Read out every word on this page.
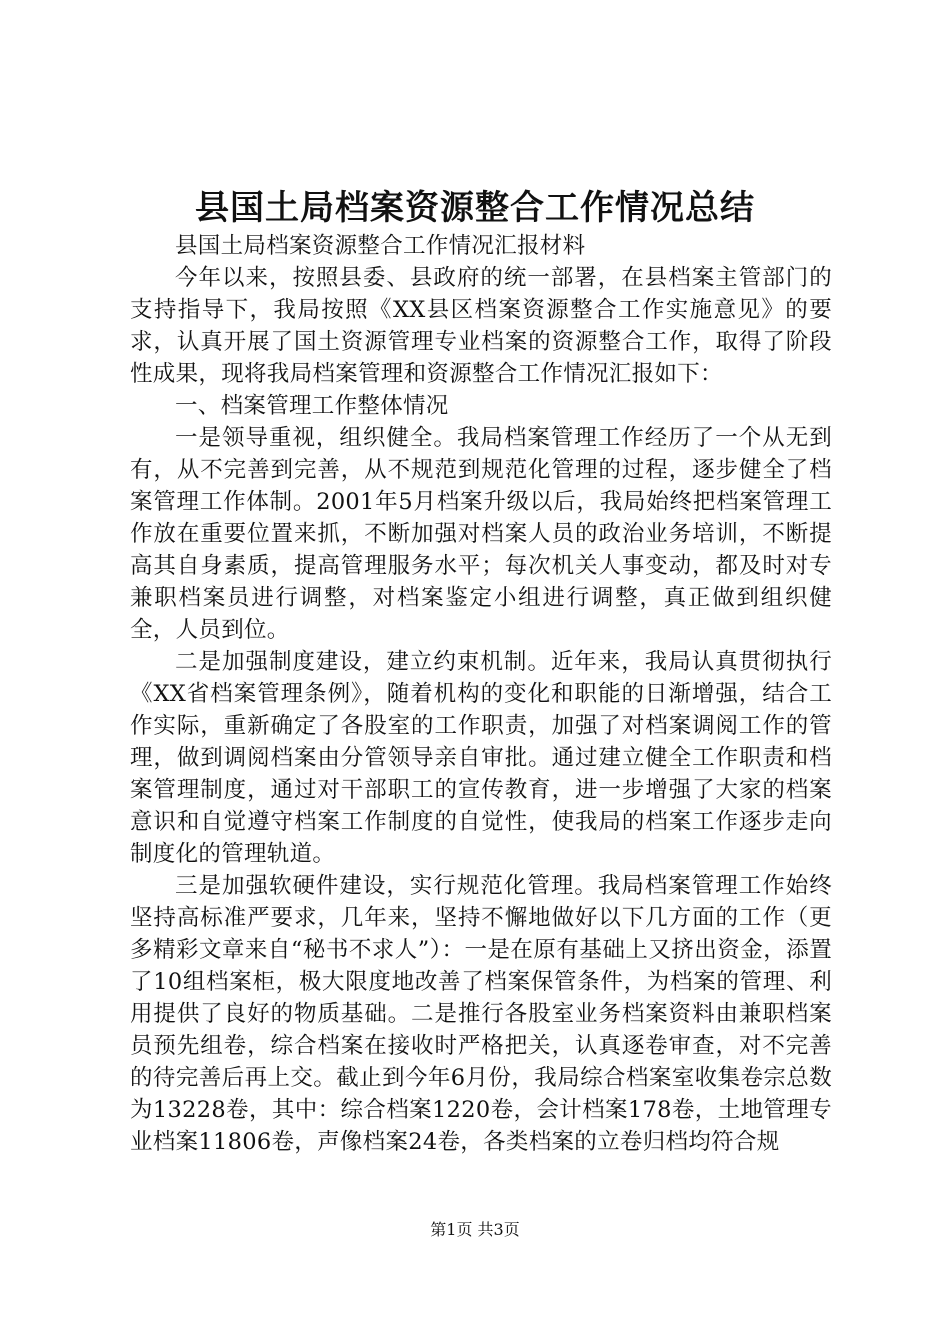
县国土局档案资源整合工作情况总结

县国土局档案资源整合工作情况汇报材料

今年以来，按照县委、县政府的统一部署，在县档案主管部门的支持指导下，我局按照《XX县区档案资源整合工作实施意见》的要求，认真开展了国土资源管理专业档案的资源整合工作，取得了阶段性成果，现将我局档案管理和资源整合工作情况汇报如下：

一、档案管理工作整体情况

一是领导重视，组织健全。我局档案管理工作经历了一个从无到有，从不完善到完善，从不规范到规范化管理的过程，逐步健全了档案管理工作体制。2001年5月档案升级以后，我局始终把档案管理工作放在重要位置来抓，不断加强对档案人员的政治业务培训，不断提高其自身素质，提高管理服务水平；每次机关人事变动，都及时对专兼职档案员进行调整，对档案鉴定小组进行调整，真正做到组织健全，人员到位。

二是加强制度建设，建立约束机制。近年来，我局认真贯彻执行《XX省档案管理条例》，随着机构的变化和职能的日渐增强，结合工作实际，重新确定了各股室的工作职责，加强了对档案调阅工作的管理，做到调阅档案由分管领导亲自审批。通过建立健全工作职责和档案管理制度，通过对干部职工的宣传教育，进一步增强了大家的档案意识和自觉遵守档案工作制度的自觉性，使我局的档案工作逐步走向制度化的管理轨道。

三是加强软硬件建设，实行规范化管理。我局档案管理工作始终坚持高标准严要求，几年来，坚持不懈地做好以下几方面的工作（更多精彩文章来自“秘书不求人”）：一是在原有基础上又挤出资金，添置了10组档案柜，极大限度地改善了档案保管条件，为档案的管理、利用提供了良好的物质基础。二是推行各股室业务档案资料由兼职档案员预先组卷，综合档案在接收时严格把关，认真逐卷审查，对不完善的待完善后再上交。截止到今年6月份，我局综合档案室收集卷宗总数为13228卷，其中：综合档案1220卷，会计档案178卷，土地管理专业档案11806卷，声像档案24卷，各类档案的立卷归档均符合规

第1页 共3页
